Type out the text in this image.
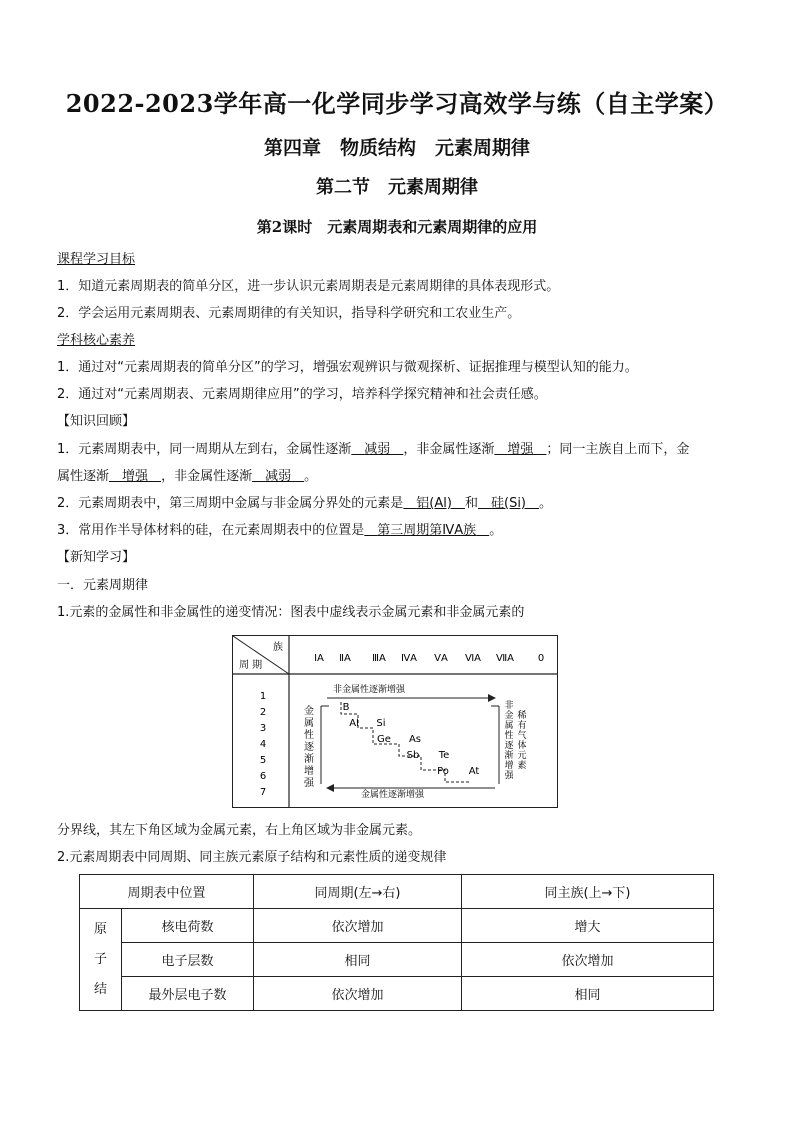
2022-2023学年高一化学同步学习高效学与练（自主学案）
第四章　物质结构　元素周期律
第二节　元素周期律
第2课时　元素周期表和元素周期律的应用
课程学习目标
1．知道元素周期表的简单分区，进一步认识元素周期表是元素周期律的具体表现形式。
2．学会运用元素周期表、元素周期律的有关知识，指导科学研究和工农业生产。
学科核心素养
1．通过对“元素周期表的简单分区”的学习，增强宏观辨识与微观探析、证据推理与模型认知的能力。
2．通过对“元素周期表、元素周期律应用”的学习，培养科学探究精神和社会责任感。
【知识回顾】
1．元素周期表中，同一周期从左到右，金属性逐渐　 减弱　 ，非金属性逐渐　 增强　 ；同一主族自上而下，金
属性逐渐　 增强　 ，非金属性逐渐　 减弱　 。
2．元素周期表中，第三周期中金属与非金属分界处的元素是　 铝(Al)　 和　 硅(Si)　 。
3．常用作半导体材料的硅，在元素周期表中的位置是　 第三周期第ⅣA族　 。
【新知学习】
一．元素周期律
1.元素的金属性和非金属性的递变情况：图表中虚线表示金属元素和非金属元素的
族
周 期
ⅠA ⅡA ⅢA ⅣA ⅤA ⅥA ⅦA 0
1
2
3
4
5
6
7
非金属性逐渐增强
金属性逐渐增强
金属性逐渐增强
非金属性逐渐增强
稀有气体元素
B
Al Si
Ge As
Sb Te
Po At
分界线，其左下角区域为金属元素，右上角区域为非金属元素。
2.元素周期表中同周期、同主族元素原子结构和元素性质的递变规律
周期表中位置		同周期(左→右)	同主族(上→下)

原
子
结	核电荷数	依次增加	增大
	电子层数	相同	依次增加
	最外层电子数	依次增加	相同
